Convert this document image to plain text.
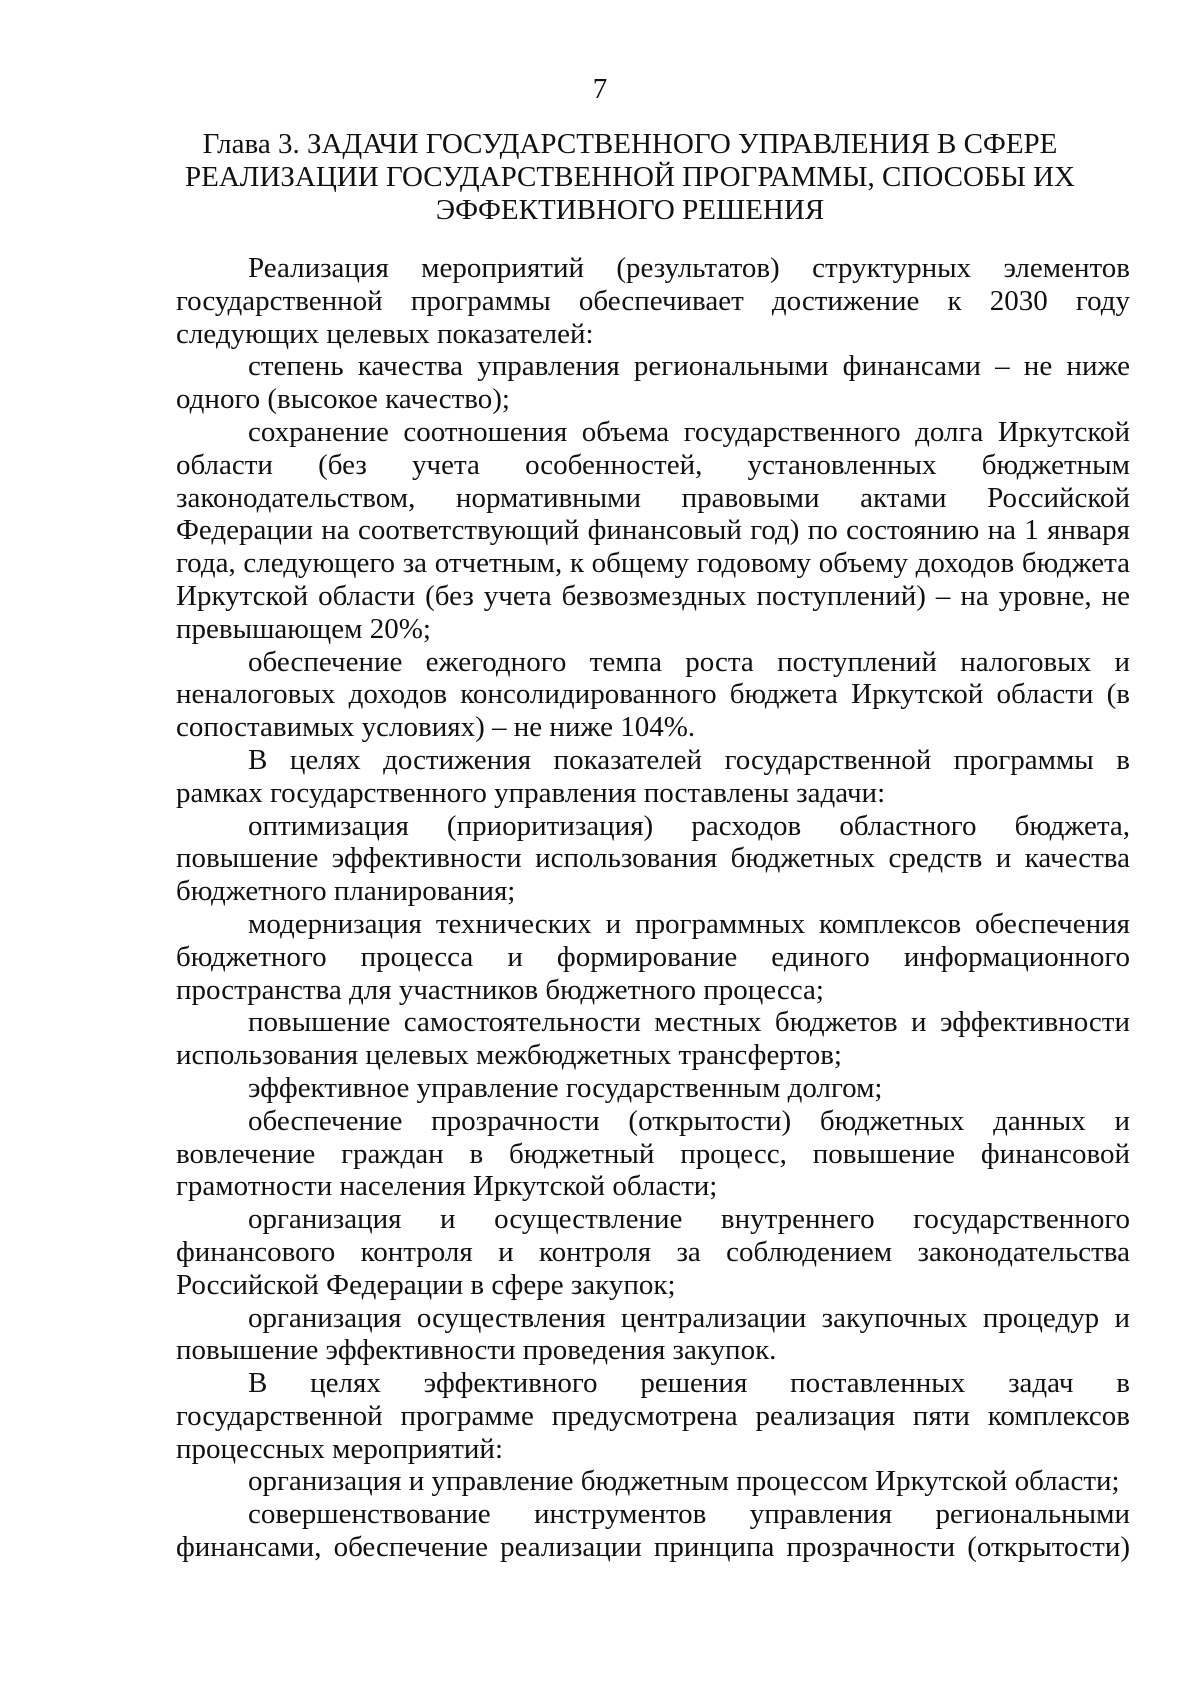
7
Глава 3. ЗАДАЧИ ГОСУДАРСТВЕННОГО УПРАВЛЕНИЯ В СФЕРЕ
РЕАЛИЗАЦИИ ГОСУДАРСТВЕННОЙ ПРОГРАММЫ, СПОСОБЫ ИХ
ЭФФЕКТИВНОГО РЕШЕНИЯ

Реализация мероприятий (результатов) структурных элементов государственной программы обеспечивает достижение к 2030 году следующих целевых показателей:

степень качества управления региональными финансами – не ниже одного (высокое качество);

сохранение соотношения объема государственного долга Иркутской области (без учета особенностей, установленных бюджетным законодательством, нормативными правовыми актами Российской Федерации на соответствующий финансовый год) по состоянию на 1 января года, следующего за отчетным, к общему годовому объему доходов бюджета Иркутской области (без учета безвозмездных поступлений) – на уровне, не превышающем 20%;

обеспечение ежегодного темпа роста поступлений налоговых и неналоговых доходов консолидированного бюджета Иркутской области (в сопоставимых условиях) – не ниже 104%.

В целях достижения показателей государственной программы в рамках государственного управления поставлены задачи:

оптимизация (приоритизация) расходов областного бюджета, повышение эффективности использования бюджетных средств и качества бюджетного планирования;

модернизация технических и программных комплексов обеспечения бюджетного процесса и формирование единого информационного пространства для участников бюджетного процесса;

повышение самостоятельности местных бюджетов и эффективности использования целевых межбюджетных трансфертов;

эффективное управление государственным долгом;

обеспечение прозрачности (открытости) бюджетных данных и вовлечение граждан в бюджетный процесс, повышение финансовой грамотности населения Иркутской области;

организация и осуществление внутреннего государственного финансового контроля и контроля за соблюдением законодательства Российской Федерации в сфере закупок;

организация осуществления централизации закупочных процедур и повышение эффективности проведения закупок.

В целях эффективного решения поставленных задач в государственной программе предусмотрена реализация пяти комплексов процессных мероприятий:

организация и управление бюджетным процессом Иркутской области;

совершенствование инструментов управления региональными финансами, обеспечение реализации принципа прозрачности (открытости)
